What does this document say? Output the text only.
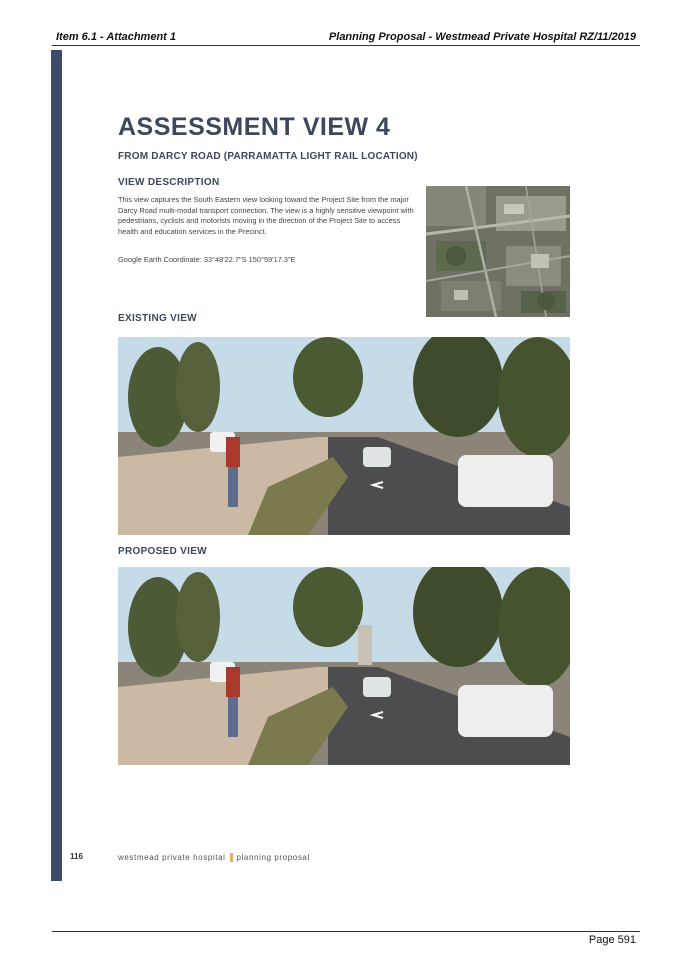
Item 6.1 - Attachment 1	Planning Proposal - Westmead Private Hospital RZ/11/2019
ASSESSMENT VIEW 4
FROM DARCY ROAD (PARRAMATTA LIGHT RAIL LOCATION)
VIEW DESCRIPTION
This view captures the South Eastern view looking toward the Project Site from the major Darcy Road multi-modal transport connection. The view is a highly sensitive viewpoint with pedestrians, cyclists and motorists moving in the direction of the Project Site to access health and education services in the Precinct.
Google Earth Coordinate: 33°48'22.7"S 150°59'17.3"E
EXISTING VIEW
PROPOSED VIEW
116	westmead private hospital planning proposal
Page 591
